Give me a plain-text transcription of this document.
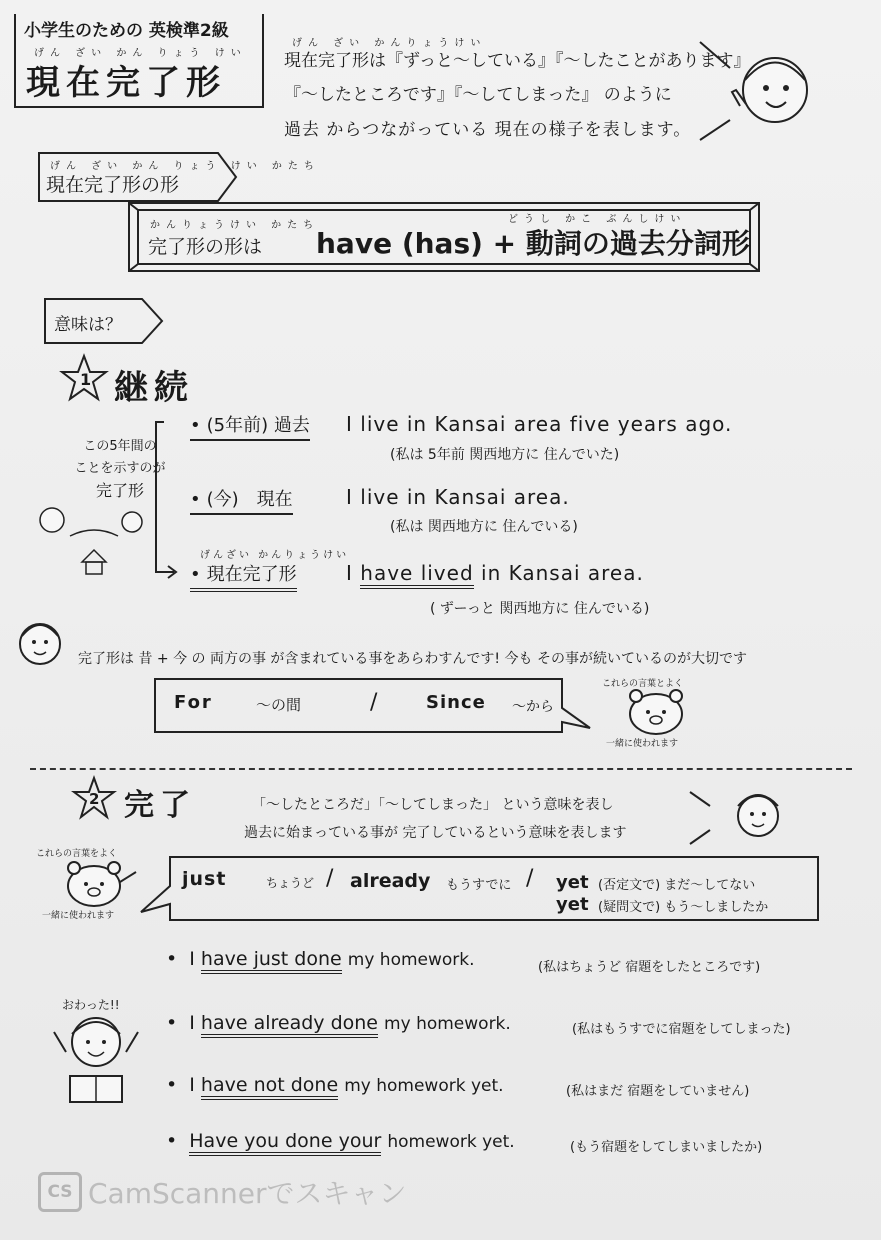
小学生のための 英検準2級
げん ざい かん りょう けい
現在完了形
げん ざい かんりょうけい
現在完了形は『ずっと〜している』『〜したことがあります』
『〜したところです』『〜してしまった』 のように
過去 からつながっている 現在の様子を表します。
げん ざい かん りょう けい かたち
現在完了形の形
かんりょうけい かたち
完了形の形は
どうし かこ ぶんしけい
have (has) + 動詞の過去分詞形
意味は？
1 継続
この5年間の
ことを示すのが
完了形
• (5年前) 過去 I live in Kansai area five years ago.
(私は 5年前 関西地方に 住んでいた)
• (今)　現在	I live in Kansai area.
(私は 関西地方に 住んでいる)
げんざい かんりょうけい
• 現在完了形 I have lived in Kansai area.
( ずーっと 関西地方に 住んでいる)
完了形は 昔 + 今 の 両方の事 が含まれている事をあらわすんです! 今も その事が続いているのが大切です
For	〜の間	/	Since 〜から
これらの言葉とよく
一緒に使われます
2 完了	「〜したところだ」「〜してしまった」 という意味を表し
過去に始まっている事が 完了しているという意味を表します
これらの言葉をよく
一緒に使われます
just	ちょうど / already もうすでに / yet (否定文で) まだ〜してない
yet (疑問文で) もう〜しましたか
おわった!!
• I have just done my homework.	(私はちょうど 宿題をしたところです)
• I have already done my homework.	(私はもうすでに宿題をしてしまった)
• I have not done my homework yet.	(私はまだ 宿題をしていません)
• Have you done your homework yet.	(もう宿題をしてしまいましたか)
CS CamScannerでスキャン
